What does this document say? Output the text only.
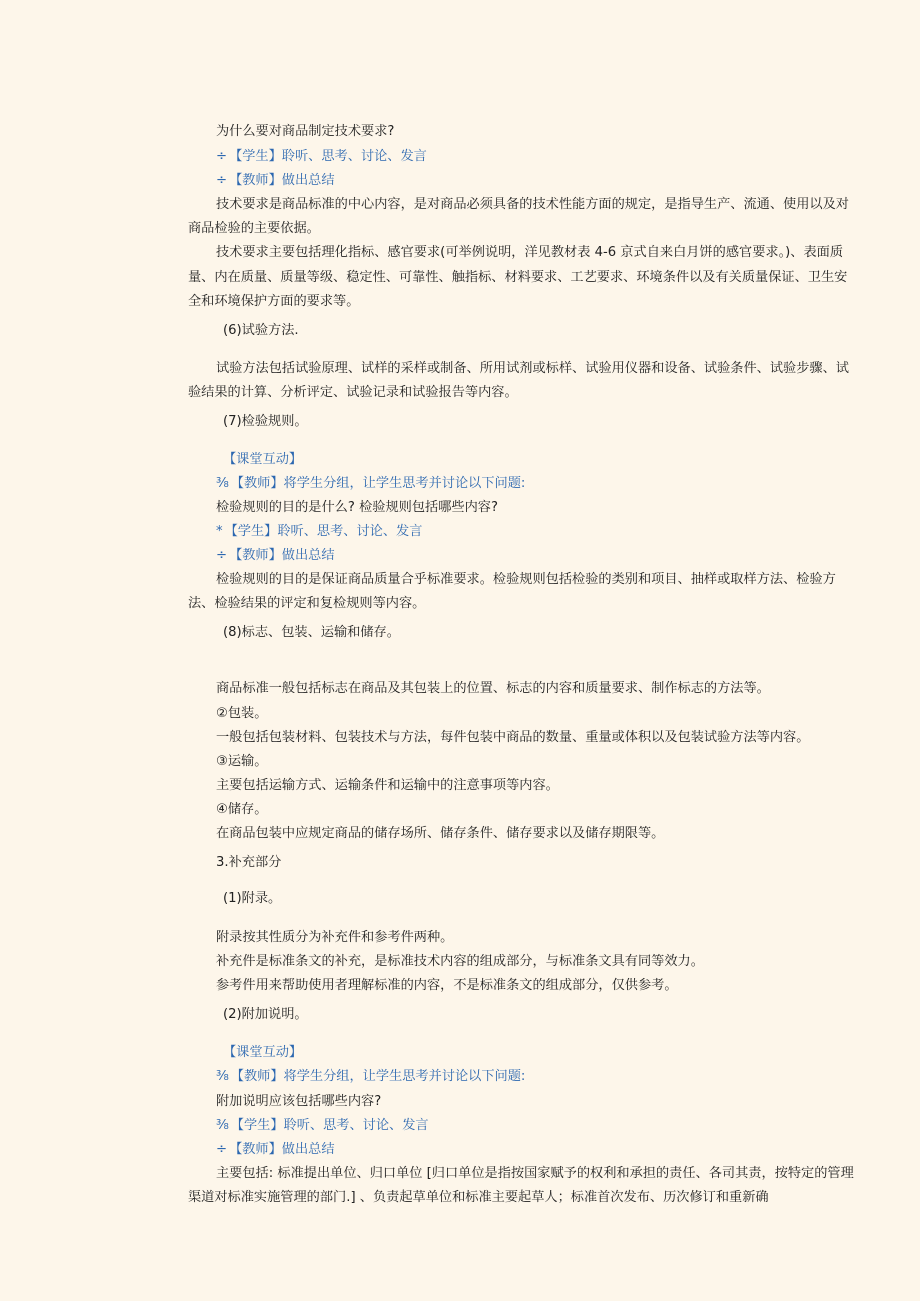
为什么要对商品制定技术要求?
÷ 【学生】聆听、思考、讨论、发言
÷ 【教师】做出总结
技术要求是商品标准的中心内容，是对商品必须具备的技术性能方面的规定，是指导生产、流通、使用以及对
商品检验的主要依据。
技术要求主要包括理化指标、感官要求(可举例说明，洋见教材表 4-6 京式自来白月饼的感官要求。)、表面质
量、内在质量、质量等级、稳定性、可靠性、触指标、材料要求、工艺要求、环境条件以及有关质量保证、卫生安
全和环境保护方面的要求等。
(6)试验方法.
试验方法包括试验原理、试样的采样或制备、所用试剂或标样、试验用仪器和设备、试验条件、试验步骤、试
验结果的计算、分析评定、试验记录和试验报告等内容。
(7)检验规则。
【课堂互动】
⅜ 【教师】将学生分组，让学生思考并讨论以下问题:
检验规则的目的是什么? 检验规则包括哪些内容?
* 【学生】聆听、思考、讨论、发言
÷ 【教师】做出总结
检验规则的目的是保证商品质量合乎标准要求。检验规则包括检验的类别和项目、抽样或取样方法、检验方
法、检验结果的评定和复检规则等内容。
(8)标志、包装、运输和储存。
商品标准一般包括标志在商品及其包装上的位置、标志的内容和质量要求、制作标志的方法等。
②包装。
一般包括包装材料、包装技术与方法，每件包装中商品的数量、重量或体积以及包装试验方法等内容。
③运输。
主要包括运输方式、运输条件和运输中的注意事项等内容。
④储存。
在商品包装中应规定商品的储存场所、储存条件、储存要求以及储存期限等。
3.补充部分
(1)附录。
附录按其性质分为补充件和参考件两种。
补充件是标准条文的补充，是标准技术内容的组成部分，与标准条文具有同等效力。
参考件用来帮助使用者理解标准的内容，不是标准条文的组成部分，仅供参考。
(2)附加说明。
【课堂互动】
⅜ 【教师】将学生分组，让学生思考并讨论以下问题:
附加说明应该包括哪些内容?
⅜ 【学生】聆听、思考、讨论、发言
÷ 【教师】做出总结
主要包括: 标准提出单位、归口单位 [归口单位是指按国家赋予的权利和承担的责任、各司其责，按特定的管理
渠道对标准实施管理的部门.] 、负责起草单位和标准主要起草人；标准首次发布、历次修订和重新确
